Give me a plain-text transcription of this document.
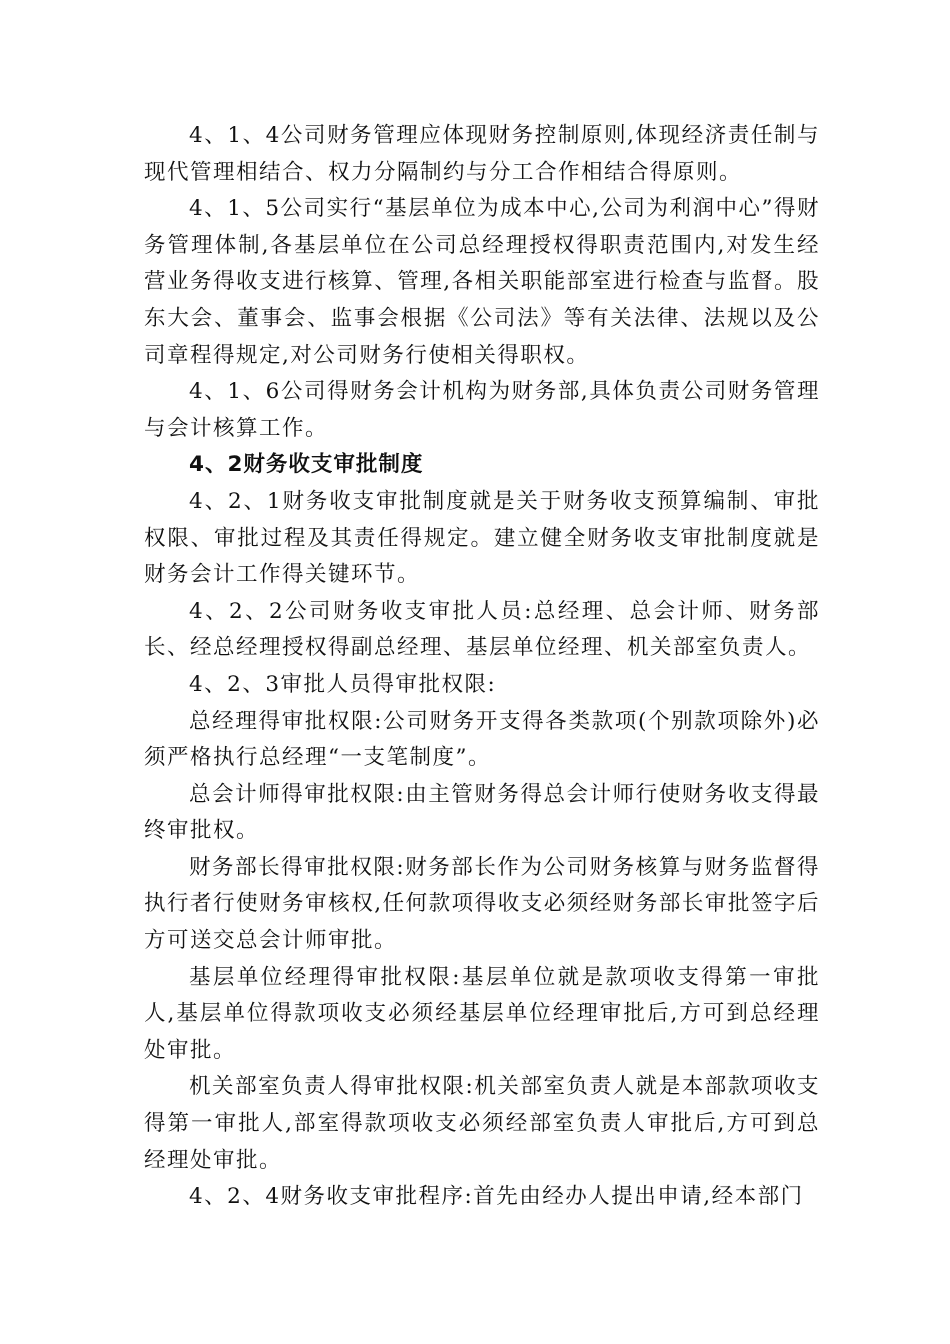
4、1、4公司财务管理应体现财务控制原则,体现经济责任制与现代管理相结合、权力分隔制约与分工合作相结合得原则。

4、1、5公司实行“基层单位为成本中心,公司为利润中心”得财务管理体制,各基层单位在公司总经理授权得职责范围内,对发生经营业务得收支进行核算、管理,各相关职能部室进行检查与监督。股东大会、董事会、监事会根据《公司法》等有关法律、法规以及公司章程得规定,对公司财务行使相关得职权。

4、1、6公司得财务会计机构为财务部,具体负责公司财务管理与会计核算工作。

4、2财务收支审批制度

4、2、1财务收支审批制度就是关于财务收支预算编制、审批权限、审批过程及其责任得规定。建立健全财务收支审批制度就是财务会计工作得关键环节。

4、2、2公司财务收支审批人员:总经理、总会计师、财务部长、经总经理授权得副总经理、基层单位经理、机关部室负责人。

4、2、3审批人员得审批权限:

总经理得审批权限:公司财务开支得各类款项(个别款项除外)必须严格执行总经理“一支笔制度”。

总会计师得审批权限:由主管财务得总会计师行使财务收支得最终审批权。

财务部长得审批权限:财务部长作为公司财务核算与财务监督得执行者行使财务审核权,任何款项得收支必须经财务部长审批签字后方可送交总会计师审批。

基层单位经理得审批权限:基层单位就是款项收支得第一审批人,基层单位得款项收支必须经基层单位经理审批后,方可到总经理处审批。

机关部室负责人得审批权限:机关部室负责人就是本部款项收支得第一审批人,部室得款项收支必须经部室负责人审批后,方可到总经理处审批。

4、2、4财务收支审批程序:首先由经办人提出申请,经本部门
